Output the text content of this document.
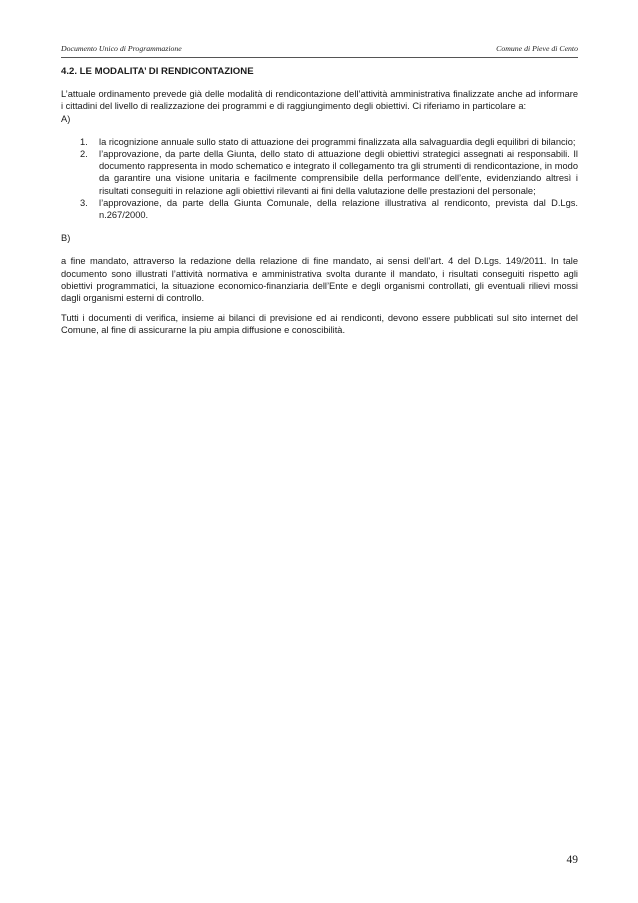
Documento Unico di Programmazione	Comune di Pieve di Cento
4.2. LE MODALITA’ DI RENDICONTAZIONE

L’attuale ordinamento prevede già delle modalità di rendicontazione dell’attività amministrativa finalizzate anche ad informare i cittadini del livello di realizzazione dei programmi e di raggiungimento degli obiettivi. Ci riferiamo in particolare a:

A)

1. la ricognizione annuale sullo stato di attuazione dei programmi finalizzata alla salvaguardia degli equilibri di bilancio;
2. l’approvazione, da parte della Giunta, dello stato di attuazione degli obiettivi strategici assegnati ai responsabili. Il documento rappresenta in modo schematico e integrato il collegamento tra gli strumenti di rendicontazione, in modo da garantire una visione unitaria e facilmente comprensibile della performance dell’ente, evidenziando altresì i risultati conseguiti in relazione agli obiettivi rilevanti ai fini della valutazione delle prestazioni del personale;
3. l’approvazione, da parte della Giunta Comunale, della relazione illustrativa al rendiconto, prevista dal D.Lgs. n.267/2000.

B)

a fine mandato, attraverso la redazione della relazione di fine mandato, ai sensi dell’art. 4 del D.Lgs. 149/2011. In tale documento sono illustrati l’attività normativa e amministrativa svolta durante il mandato, i risultati conseguiti rispetto agli obiettivi programmatici, la situazione economico-finanziaria dell’Ente e degli organismi controllati, gli eventuali rilievi mossi dagli organismi esterni di controllo.

Tutti i documenti di verifica, insieme ai bilanci di previsione ed ai rendiconti, devono essere pubblicati sul sito internet del Comune, al fine di assicurarne la piu ampia diffusione e conoscibilità.

49
